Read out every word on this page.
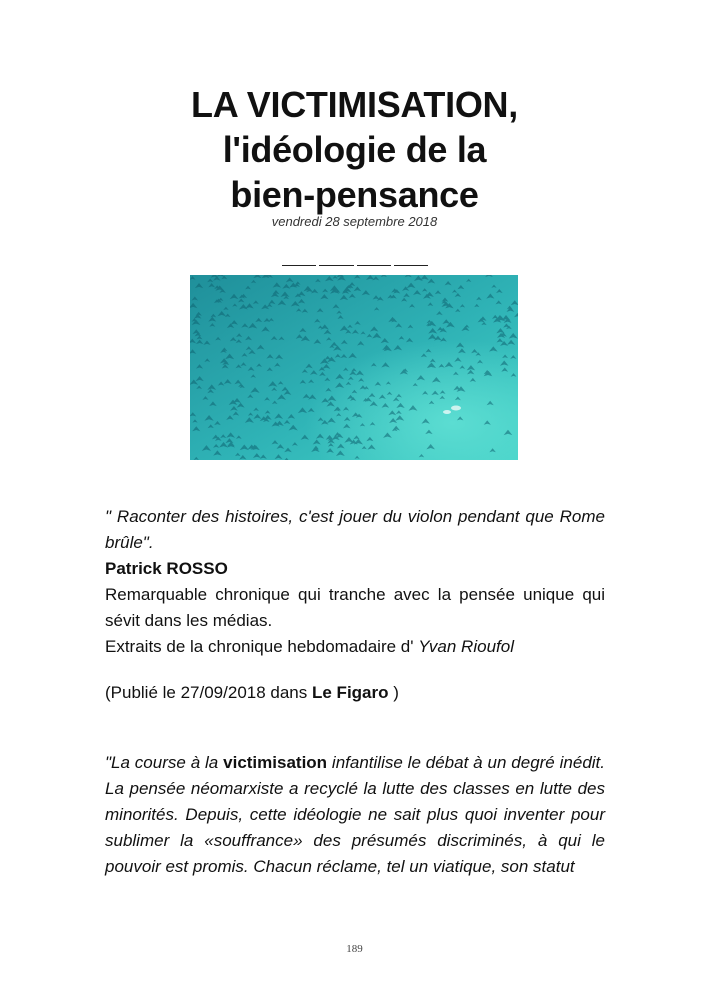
LA VICTIMISATION,
l'idéologie de la
bien-pensance
vendredi 28 septembre 2018
" Raconter des histoires, c'est jouer du violon pendant que Rome brûle".
Patrick ROSSO
Remarquable chronique qui tranche avec la pensée unique qui sévit dans les médias.
Extraits de la chronique hebdomadaire d' Yvan Rioufol
(Publié le 27/09/2018 dans Le Figaro )
"La course à la victimisation infantilise le débat à un degré inédit. La pensée néomarxiste a recyclé la lutte des classes en lutte des minorités. Depuis, cette idéologie ne sait plus quoi inventer pour sublimer la «souffrance» des présumés discriminés, à qui le pouvoir est promis. Chacun réclame, tel un viatique, son statut
189
